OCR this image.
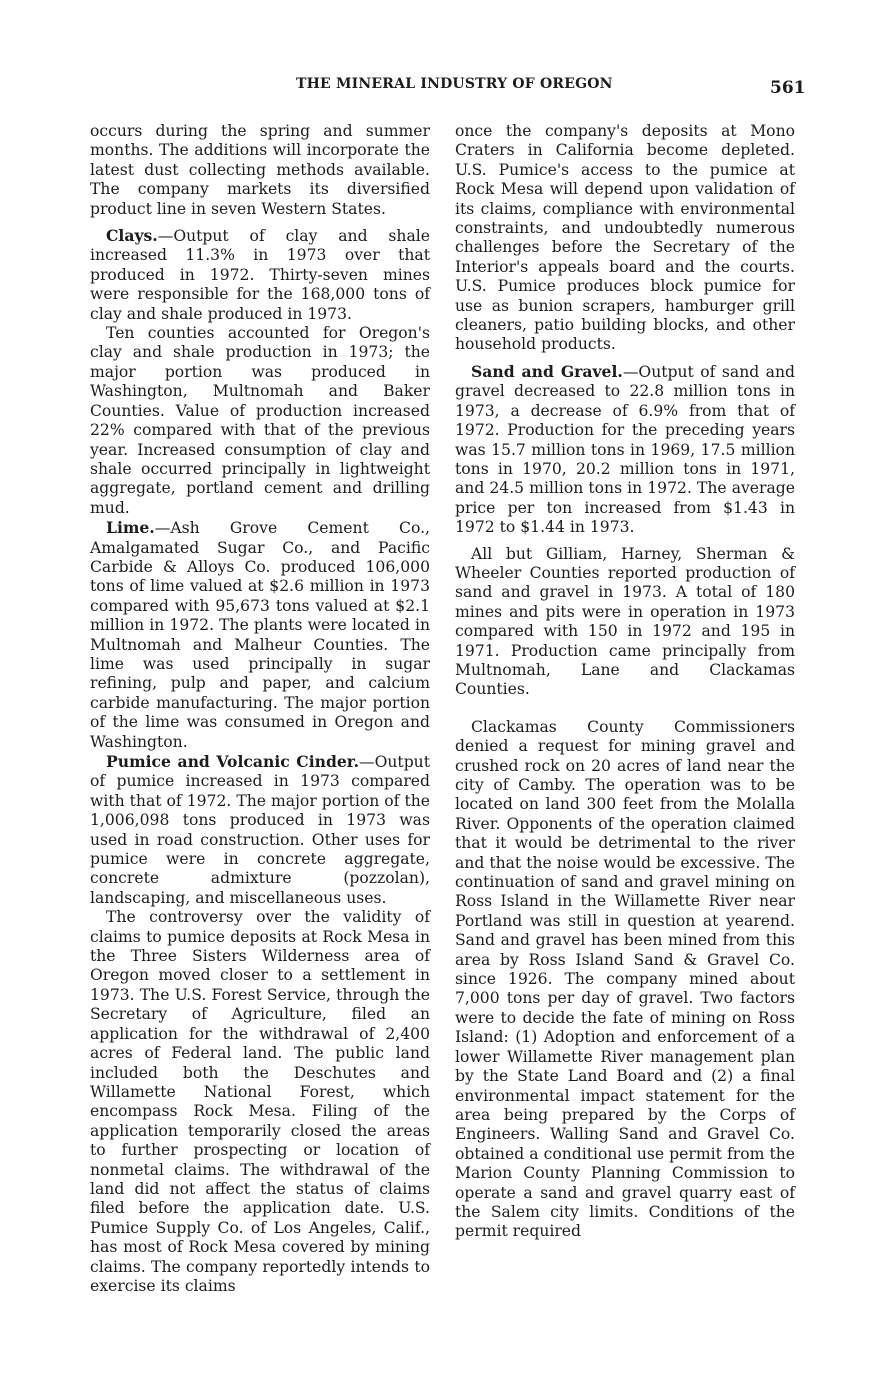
THE MINERAL INDUSTRY OF OREGON	561

occurs during the spring and summer months. The additions will incorporate the latest dust collecting methods available. The company markets its diversified product line in seven Western States.

Clays.—Output of clay and shale increased 11.3% in 1973 over that produced in 1972. Thirty-seven mines were responsible for the 168,000 tons of clay and shale produced in 1973.

Ten counties accounted for Oregon's clay and shale production in 1973; the major portion was produced in Washington, Multnomah and Baker Counties. Value of production increased 22% compared with that of the previous year. Increased consumption of clay and shale occurred principally in lightweight aggregate, portland cement and drilling mud.

Lime.—Ash Grove Cement Co., Amalgamated Sugar Co., and Pacific Carbide & Alloys Co. produced 106,000 tons of lime valued at $2.6 million in 1973 compared with 95,673 tons valued at $2.1 million in 1972. The plants were located in Multnomah and Malheur Counties. The lime was used principally in sugar refining, pulp and paper, and calcium carbide manufacturing. The major portion of the lime was consumed in Oregon and Washington.

Pumice and Volcanic Cinder.—Output of pumice increased in 1973 compared with that of 1972. The major portion of the 1,006,098 tons produced in 1973 was used in road construction. Other uses for pumice were in concrete aggregate, concrete admixture (pozzolan), landscaping, and miscellaneous uses.

The controversy over the validity of claims to pumice deposits at Rock Mesa in the Three Sisters Wilderness area of Oregon moved closer to a settlement in 1973. The U.S. Forest Service, through the Secretary of Agriculture, filed an application for the withdrawal of 2,400 acres of Federal land. The public land included both the Deschutes and Willamette National Forest, which encompass Rock Mesa. Filing of the application temporarily closed the areas to further prospecting or location of nonmetal claims. The withdrawal of the land did not affect the status of claims filed before the application date. U.S. Pumice Supply Co. of Los Angeles, Calif., has most of Rock Mesa covered by mining claims. The company reportedly intends to exercise its claims

once the company's deposits at Mono Craters in California become depleted. U.S. Pumice's access to the pumice at Rock Mesa will depend upon validation of its claims, compliance with environmental constraints, and undoubtedly numerous challenges before the Secretary of the Interior's appeals board and the courts. U.S. Pumice produces block pumice for use as bunion scrapers, hamburger grill cleaners, patio building blocks, and other household products.

Sand and Gravel.—Output of sand and gravel decreased to 22.8 million tons in 1973, a decrease of 6.9% from that of 1972. Production for the preceding years was 15.7 million tons in 1969, 17.5 million tons in 1970, 20.2 million tons in 1971, and 24.5 million tons in 1972. The average price per ton increased from $1.43 in 1972 to $1.44 in 1973.

All but Gilliam, Harney, Sherman & Wheeler Counties reported production of sand and gravel in 1973. A total of 180 mines and pits were in operation in 1973 compared with 150 in 1972 and 195 in 1971. Production came principally from Multnomah, Lane and Clackamas Counties.

Clackamas County Commissioners denied a request for mining gravel and crushed rock on 20 acres of land near the city of Camby. The operation was to be located on land 300 feet from the Molalla River. Opponents of the operation claimed that it would be detrimental to the river and that the noise would be excessive. The continuation of sand and gravel mining on Ross Island in the Willamette River near Portland was still in question at yearend. Sand and gravel has been mined from this area by Ross Island Sand & Gravel Co. since 1926. The company mined about 7,000 tons per day of gravel. Two factors were to decide the fate of mining on Ross Island: (1) Adoption and enforcement of a lower Willamette River management plan by the State Land Board and (2) a final environmental impact statement for the area being prepared by the Corps of Engineers. Walling Sand and Gravel Co. obtained a conditional use permit from the Marion County Planning Commission to operate a sand and gravel quarry east of the Salem city limits. Conditions of the permit required
